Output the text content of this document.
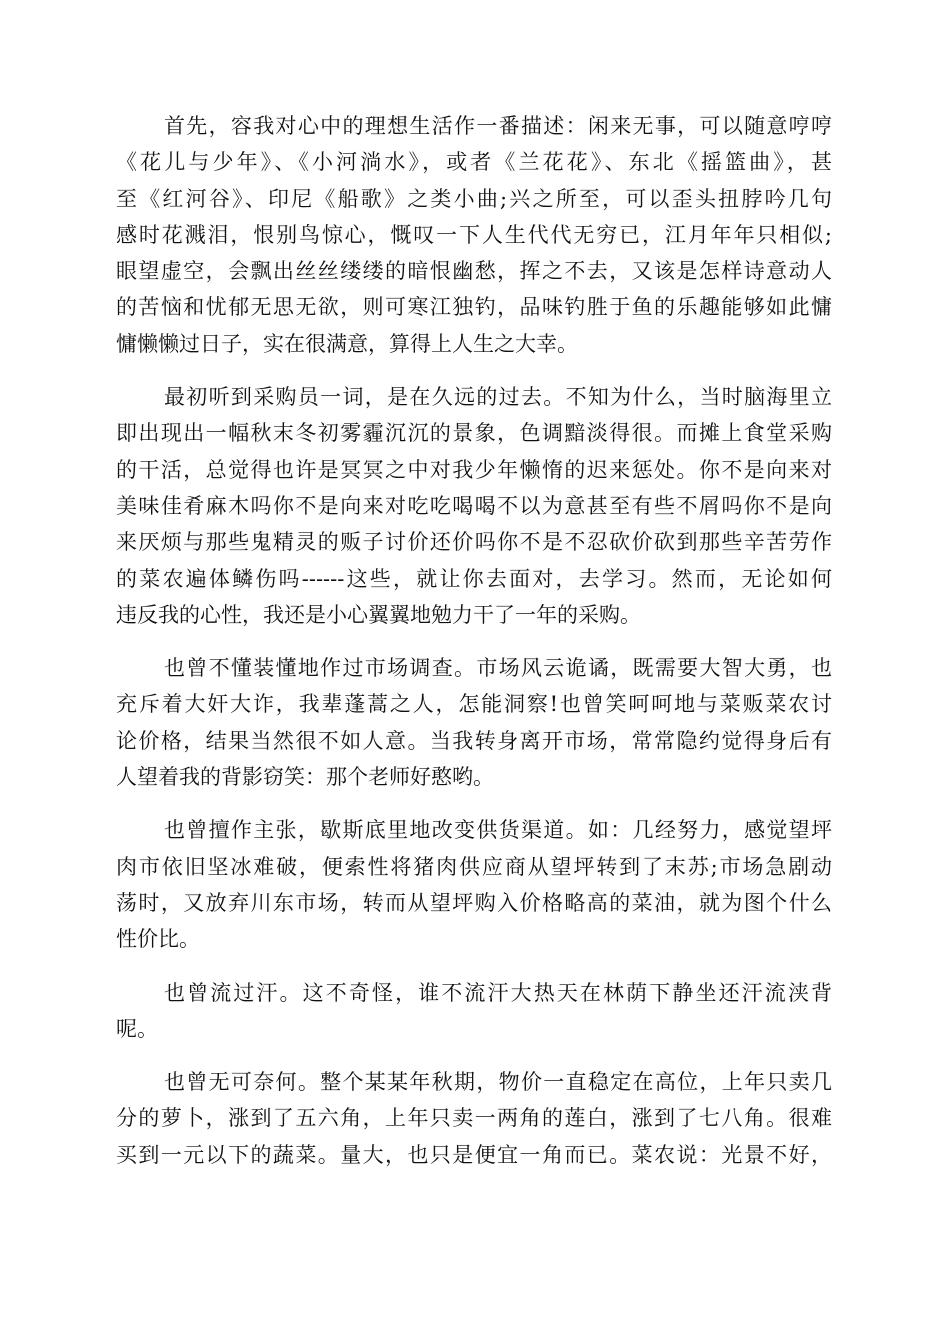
首先，容我对心中的理想生活作一番描述：闲来无事，可以随意哼哼
《花儿与少年》、《小河淌水》，或者《兰花花》、东北《摇篮曲》，甚
至《红河谷》、印尼《船歌》之类小曲;兴之所至，可以歪头扭脖吟几句
感时花溅泪，恨别鸟惊心，慨叹一下人生代代无穷已，江月年年只相似;
眼望虚空，会飘出丝丝缕缕的暗恨幽愁，挥之不去，又该是怎样诗意动人
的苦恼和忧郁无思无欲，则可寒江独钓，品味钓胜于鱼的乐趣能够如此慵
慵懒懒过日子，实在很满意，算得上人生之大幸。

最初听到采购员一词，是在久远的过去。不知为什么，当时脑海里立
即出现出一幅秋末冬初雾霾沉沉的景象，色调黯淡得很。而摊上食堂采购
的干活，总觉得也许是冥冥之中对我少年懒惰的迟来惩处。你不是向来对
美味佳肴麻木吗你不是向来对吃吃喝喝不以为意甚至有些不屑吗你不是向
来厌烦与那些鬼精灵的贩子讨价还价吗你不是不忍砍价砍到那些辛苦劳作
的菜农遍体鳞伤吗------这些，就让你去面对，去学习。然而，无论如何
违反我的心性，我还是小心翼翼地勉力干了一年的采购。

也曾不懂装懂地作过市场调查。市场风云诡谲，既需要大智大勇，也
充斥着大奸大诈，我辈蓬蒿之人，怎能洞察!也曾笑呵呵地与菜贩菜农讨
论价格，结果当然很不如人意。当我转身离开市场，常常隐约觉得身后有
人望着我的背影窃笑：那个老师好憨哟。

也曾擅作主张，歇斯底里地改变供货渠道。如：几经努力，感觉望坪
肉市依旧坚冰难破，便索性将猪肉供应商从望坪转到了末苏;市场急剧动
荡时，又放弃川东市场，转而从望坪购入价格略高的菜油，就为图个什么
性价比。

也曾流过汗。这不奇怪，谁不流汗大热天在林荫下静坐还汗流浃背
呢。

也曾无可奈何。整个某某年秋期，物价一直稳定在高位，上年只卖几
分的萝卜，涨到了五六角，上年只卖一两角的莲白，涨到了七八角。很难
买到一元以下的蔬菜。量大，也只是便宜一角而已。菜农说：光景不好，
